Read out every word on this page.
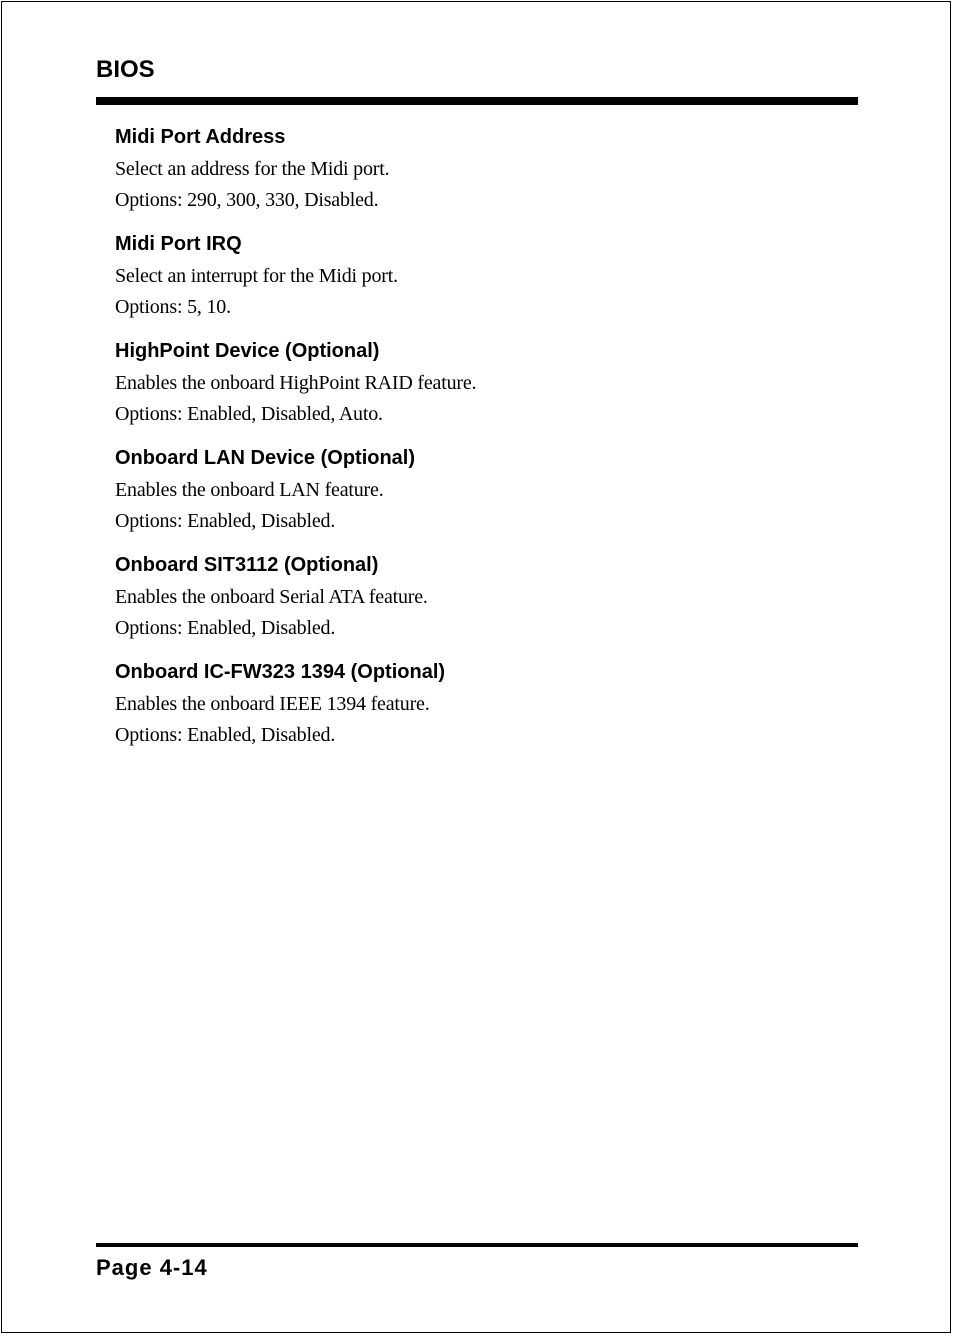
BIOS

Midi Port Address

Select an address for the Midi port.

Options: 290, 300, 330, Disabled.

Midi Port IRQ

Select an interrupt for the Midi port.

Options: 5, 10.

HighPoint Device (Optional)

Enables the onboard HighPoint RAID feature.

Options: Enabled, Disabled, Auto.

Onboard LAN Device (Optional)

Enables the onboard LAN feature.

Options: Enabled, Disabled.

Onboard SIT3112 (Optional)

Enables the onboard Serial ATA feature.

Options: Enabled, Disabled.

Onboard IC-FW323 1394 (Optional)

Enables the onboard IEEE 1394 feature.

Options: Enabled, Disabled.

Page 4-14
